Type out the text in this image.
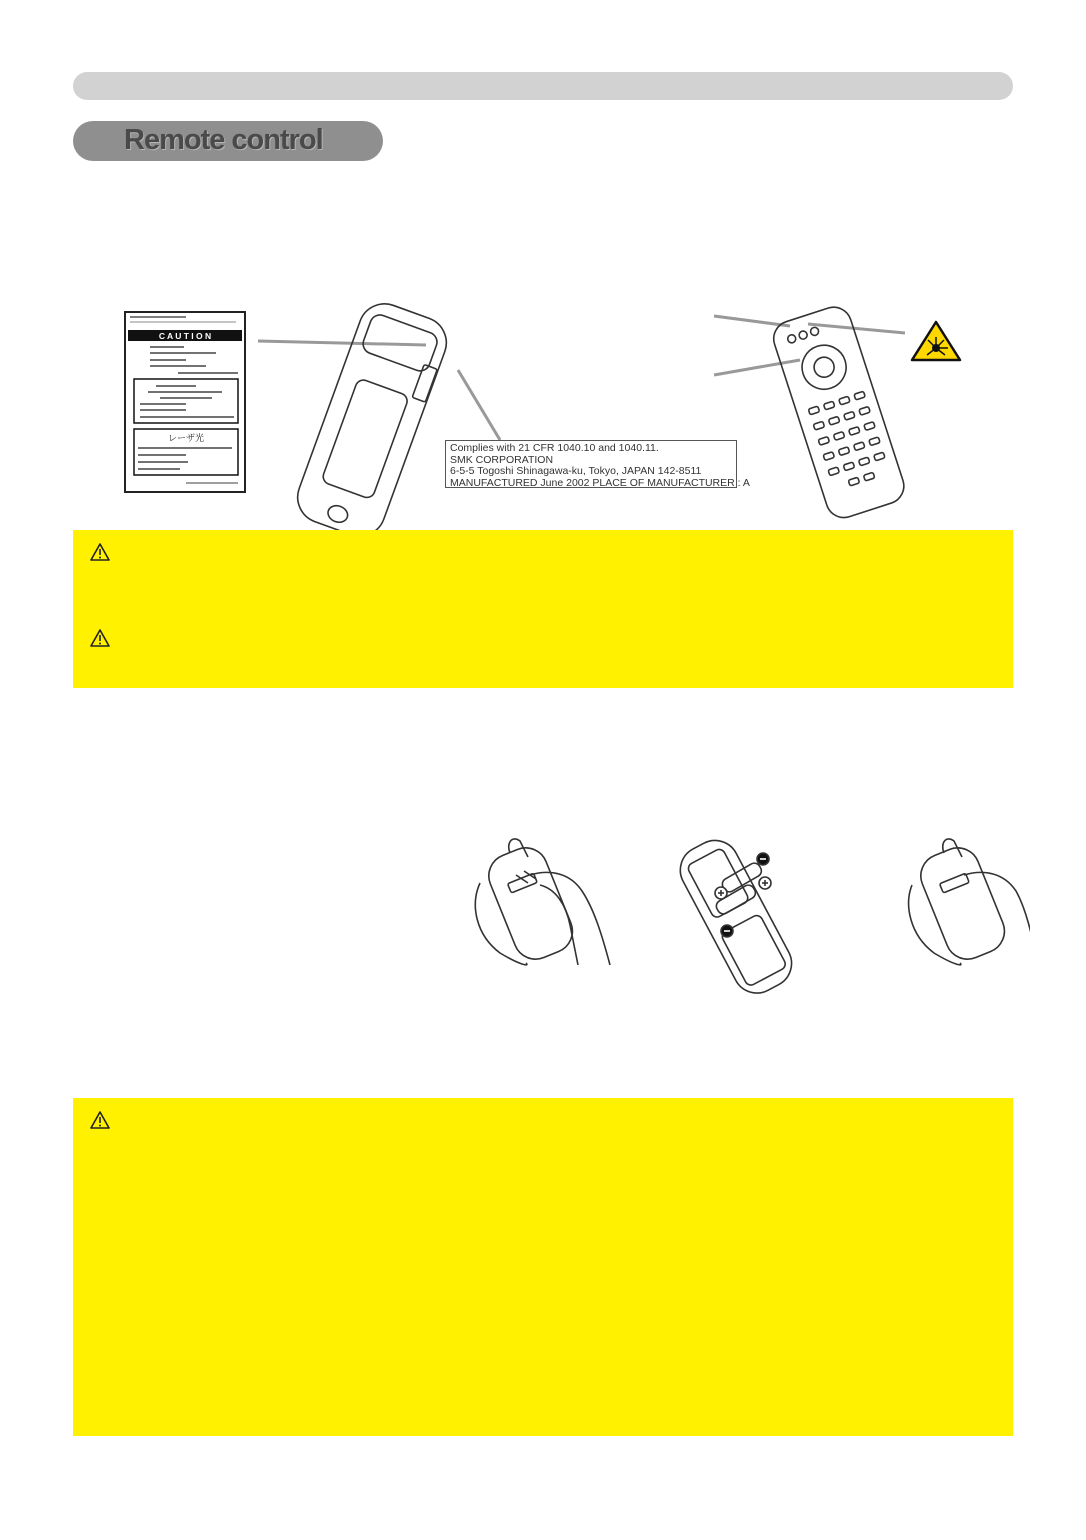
Remote control
C A U T I O N
レーザ光
Complies with 21 CFR 1040.10 and 1040.11.
SMK CORPORATION
6-5-5 Togoshi Shinagawa-ku, Tokyo, JAPAN 142-8511
MANUFACTURED June 2002 PLACE OF MANUFACTURER : A
